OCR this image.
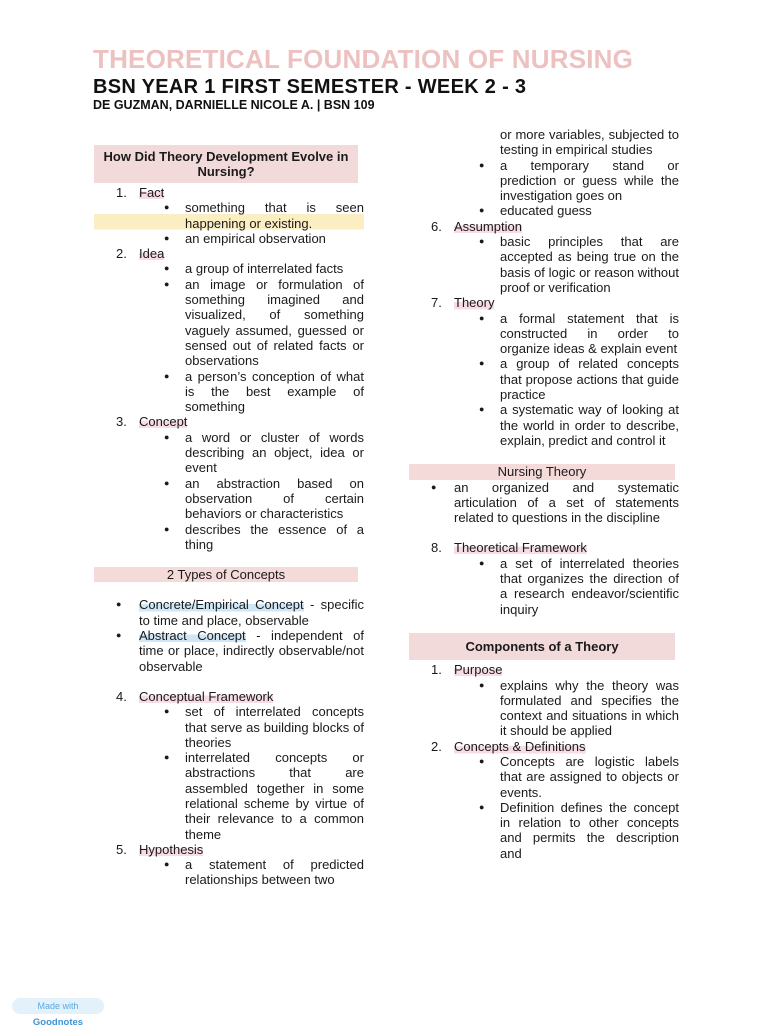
THEORETICAL FOUNDATION OF NURSING
BSN YEAR 1 FIRST SEMESTER - WEEK 2 - 3
DE GUZMAN, DARNIELLE NICOLE A. | BSN 109
How Did Theory Development Evolve in Nursing?
1. Fact
● something that is seen happening or existing.
● an empirical observation
2. Idea
● a group of interrelated facts
● an image or formulation of something imagined and visualized, of something vaguely assumed, guessed or sensed out of related facts or observations
● a person’s conception of what is the best example of something
3. Concept
● a word or cluster of words describing an object, idea or event
● an abstraction based on observation of certain behaviors or characteristics
● describes the essence of a thing
2 Types of Concepts
● Concrete/Empirical Concept - specific to time and place, observable
● Abstract Concept - independent of time or place, indirectly observable/not observable
4. Conceptual Framework
● set of interrelated concepts that serve as building blocks of theories
● interrelated concepts or abstractions that are assembled together in some relational scheme by virtue of their relevance to a common theme
5. Hypothesis
● a statement of predicted relationships between two
or more variables, subjected to testing in empirical studies
● a temporary stand or prediction or guess while the investigation goes on
● educated guess
6. Assumption
● basic principles that are accepted as being true on the basis of logic or reason without proof or verification
7. Theory
● a formal statement that is constructed in order to organize ideas & explain event
● a group of related concepts that propose actions that guide practice
● a systematic way of looking at the world in order to describe, explain, predict and control it
Nursing Theory
● an organized and systematic articulation of a set of statements related to questions in the discipline
8. Theoretical Framework
● a set of interrelated theories that organizes the direction of a research endeavor/scientific inquiry
Components of a Theory
1. Purpose
● explains why the theory was formulated and specifies the context and situations in which it should be applied
2. Concepts & Definitions
● Concepts are logistic labels that are assigned to objects or events.
● Definition defines the concept in relation to other concepts and permits the description and
Made with Goodnotes
